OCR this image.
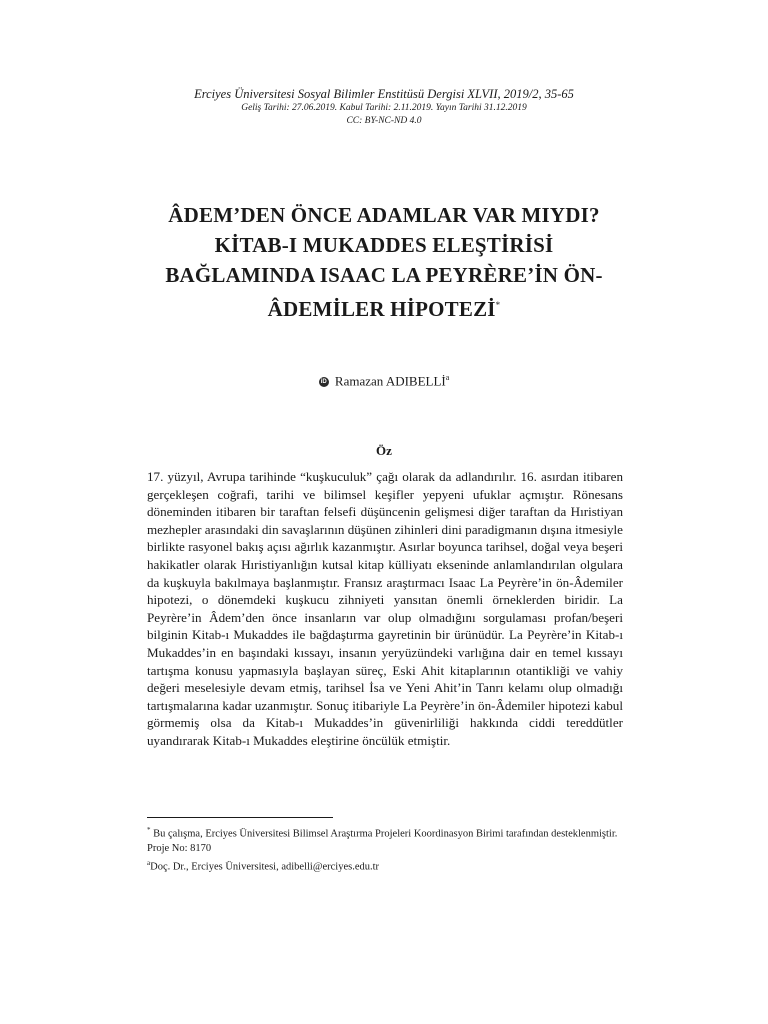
Erciyes Üniversitesi Sosyal Bilimler Enstitüsü Dergisi XLVII, 2019/2, 35-65
Geliş Tarihi: 27.06.2019. Kabul Tarihi: 2.11.2019. Yayın Tarihi 31.12.2019
CC: BY-NC-ND 4.0
ÂDEM’DEN ÖNCE ADAMLAR VAR MIYDI?
KİTAB-I MUKADDES ELEŞTİRİSİ
BAĞLAMINDA ISAAC LA PEYRÈRE’İN ÖN-
ÂDEMİLER HİPOTEZİ*
iD Ramazan ADIBELLİ$^a$
Öz

17. yüzyıl, Avrupa tarihinde “kuşkuculuk” çağı olarak da adlandırılır. 16. asırdan itibaren gerçekleşen coğrafi, tarihi ve bilimsel keşifler yepyeni ufuklar açmıştır. Rönesans döneminden itibaren bir taraftan felsefi düşüncenin gelişmesi diğer taraftan da Hıristiyan mezhepler arasındaki din savaşlarının düşünen zihinleri dini paradigmanın dışına itmesiyle birlikte rasyonel bakış açısı ağırlık kazanmıştır. Asırlar boyunca tarihsel, doğal veya beşeri hakikatler olarak Hıristiyanlığın kutsal kitap külliyatı ekseninde anlamlandırılan olgulara da kuşkuyla bakılmaya başlanmıştır. Fransız araştırmacı Isaac La Peyrère’in ön-Âdemiler hipotezi, o dönemdeki kuşkucu zihniyeti yansıtan önemli örneklerden biridir. La Peyrère’in Âdem’den önce insanların var olup olmadığını sorgulaması profan/beşeri bilginin Kitab-ı Mukaddes ile bağdaştırma gayretinin bir ürünüdür. La Peyrère’in Kitab-ı Mukaddes’in en başındaki kıssayı, insanın yeryüzündeki varlığına dair en temel kıssayı tartışma konusu yapmasıyla başlayan süreç, Eski Ahit kitaplarının otantikliği ve vahiy değeri meselesiyle devam etmiş, tarihsel İsa ve Yeni Ahit’in Tanrı kelamı olup olmadığı tartışmalarına kadar uzanmıştır. Sonuç itibariyle La Peyrère’in ön-Âdemiler hipotezi kabul görmemiş olsa da Kitab-ı Mukaddes’in güvenirliliği hakkında ciddi tereddütler uyandırarak Kitab-ı Mukaddes eleştirine öncülük etmiştir.

* Bu çalışma, Erciyes Üniversitesi Bilimsel Araştırma Projeleri Koordinasyon Birimi tarafından desteklenmiştir. Proje No: 8170

$^a$Doç. Dr., Erciyes Üniversitesi, adibelli@erciyes.edu.tr
